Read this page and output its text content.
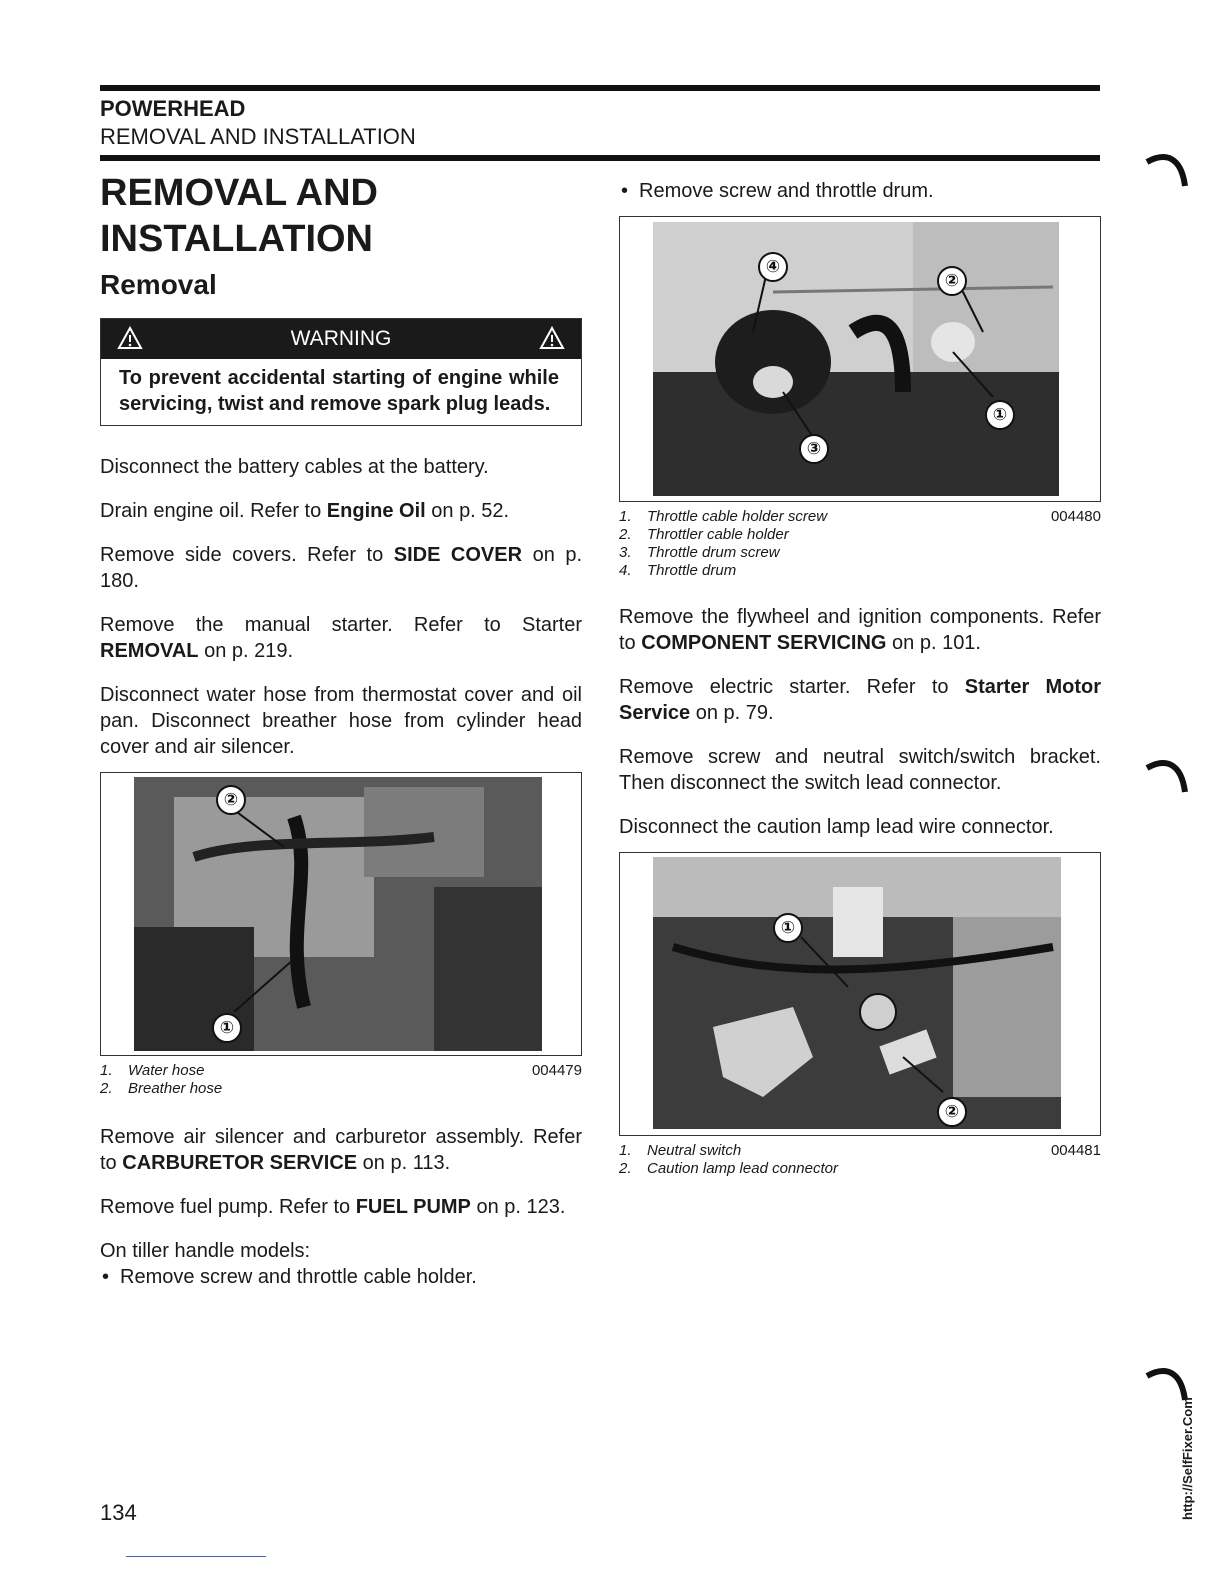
POWERHEAD
REMOVAL AND INSTALLATION
REMOVAL AND
INSTALLATION
Removal
WARNING
To prevent accidental starting of engine while servicing, twist and remove spark plug leads.

Disconnect the battery cables at the battery.

Drain engine oil. Refer to Engine Oil on p. 52.

Remove side covers. Refer to SIDE COVER on p. 180.

Remove the manual starter. Refer to Starter REMOVAL on p. 219.

Disconnect water hose from thermostat cover and oil pan. Disconnect breather hose from cylinder head cover and air silencer.

②
①
004479
1. Water hose
2. Breather hose

Remove air silencer and carburetor assembly. Refer to CARBURETOR SERVICE on p. 113.

Remove fuel pump. Refer to FUEL PUMP on p. 123.

On tiller handle models:

• Remove screw and throttle cable holder.
• Remove screw and throttle drum.
④
②
①
③
004480
1. Throttle cable holder screw
2. Throttler cable holder
3. Throttle drum screw
4. Throttle drum

Remove the flywheel and ignition components. Refer to COMPONENT SERVICING on p. 101.

Remove electric starter. Refer to Starter Motor Service on p. 79.

Remove screw and neutral switch/switch bracket. Then disconnect the switch lead connector.

Disconnect the caution lamp lead wire connector.

①
②
004481
1. Neutral switch
2. Caution lamp lead connector
134	http://SelfFixer.Com
